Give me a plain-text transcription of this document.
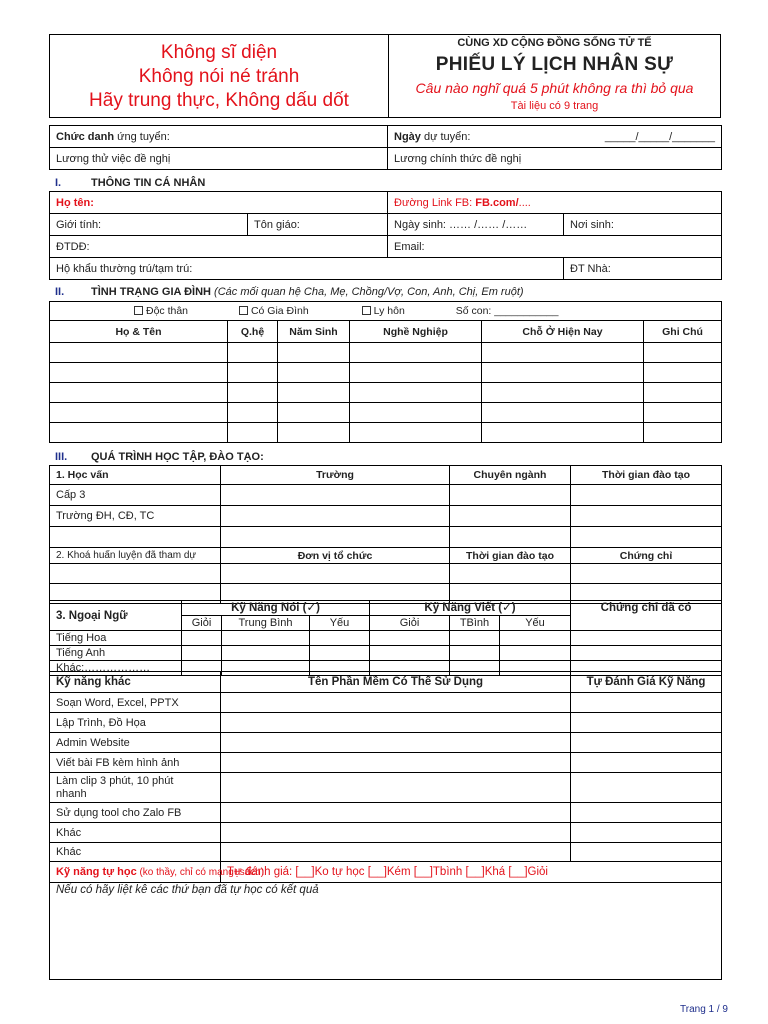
Không sĩ diện
Không nói né tránh
Hãy trung thực, Không dấu dốt
CÙNG XD CỘNG ĐỒNG SỐNG TỬ TẾ
PHIẾU LÝ LỊCH NHÂN SỰ
Câu nào nghĩ quá 5 phút không ra thì bỏ qua
Tài liệu có 9 trang
Chức danh ứng tuyển:	Ngày dự tuyển: _____/_____/_______

Lương thử việc đề nghị	Lương chính thức đề nghị
I.	THÔNG TIN CÁ NHÂN
Họ tên:		Đường Link FB: FB.com/....	
Giới tính:	Tôn giáo:	Ngày sinh: …… /…… /……	Nơi sinh:
ĐTDĐ:		Email:	
Hộ khẩu thường trú/tạm trú:			ĐT Nhà:
II. TÌNH TRẠNG GIA ĐÌNH (Các mối quan hệ Cha, Mẹ, Chồng/Vợ, Con, Anh, Chị, Em ruột)
Độc thân Có Gia Đình Ly hôn Số con: ___________					
Họ & Tên	Q.hệ	Năm Sinh	Nghề Nghiệp	Chỗ Ở Hiện Nay	Ghi Chú

III. QUÁ TRÌNH HỌC TẬP, ĐÀO TẠO:
1. Học vấn	Trường	Chuyên ngành	Thời gian đào tạo
Cấp 3			
Trường ĐH, CĐ, TC			

2. Khoá huấn luyện đã tham dự	Đơn vị tổ chức	Thời gian đào tạo	Chứng chỉ

3. Ngoại Ngữ	Kỹ Năng Nói (✓)			Kỹ Năng Viết (✓)			Chứng chỉ đã có
	Giỏi	Trung Bình	Yếu	Giỏi	TBình	Yếu	
Tiếng Hoa							
Tiếng Anh							
Khác:………………							
Kỹ năng khác	Tên Phần Mềm Có Thể Sử Dụng	Tự Đánh Giá Kỹ Năng
Soạn Word, Excel, PPTX		
Lập Trình, Đồ Họa		
Admin Website		
Viết bài FB kèm hình ảnh		

Làm clip 3 phút, 10 phút
nhanh		

Sử dụng tool cho Zalo FB		
Khác		
Khác		
Kỹ năng tự học (ko thầy, chỉ có mạng+sách)	Tự đánh giá: [__]Ko tự học [__]Kém [__]Tbình [__]Khá [__]Giỏi	
Nếu có hãy liệt kê các thứ bạn đã tự học có kết quả		
Trang 1 / 9
